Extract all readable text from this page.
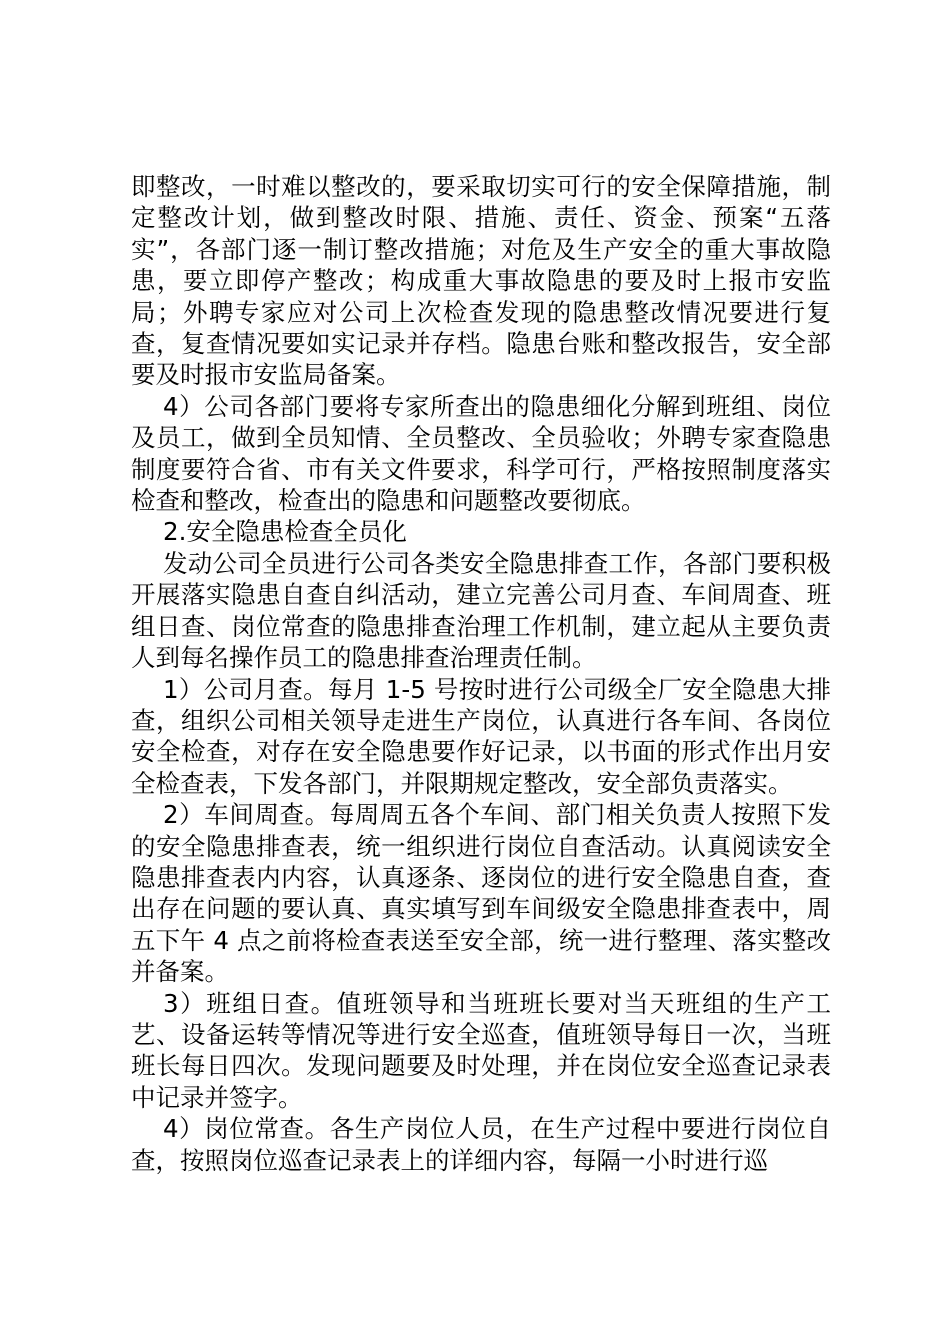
即整改，一时难以整改的，要采取切实可行的安全保障措施，制定整改计划，做到整改时限、措施、责任、资金、预案“五落实”，各部门逐一制订整改措施；对危及生产安全的重大事故隐患，要立即停产整改；构成重大事故隐患的要及时上报市安监局；外聘专家应对公司上次检查发现的隐患整改情况要进行复查，复查情况要如实记录并存档。隐患台账和整改报告，安全部要及时报市安监局备案。

4）公司各部门要将专家所查出的隐患细化分解到班组、岗位及员工，做到全员知情、全员整改、全员验收；外聘专家查隐患制度要符合省、市有关文件要求，科学可行，严格按照制度落实检查和整改，检查出的隐患和问题整改要彻底。

2.安全隐患检查全员化

发动公司全员进行公司各类安全隐患排查工作，各部门要积极开展落实隐患自查自纠活动，建立完善公司月查、车间周查、班组日查、岗位常查的隐患排查治理工作机制，建立起从主要负责人到每名操作员工的隐患排查治理责任制。

1）公司月查。每月 1-5 号按时进行公司级全厂安全隐患大排查，组织公司相关领导走进生产岗位，认真进行各车间、各岗位安全检查，对存在安全隐患要作好记录，以书面的形式作出月安全检查表，下发各部门，并限期规定整改，安全部负责落实。

2）车间周查。每周周五各个车间、部门相关负责人按照下发的安全隐患排查表，统一组织进行岗位自查活动。认真阅读安全隐患排查表内内容，认真逐条、逐岗位的进行安全隐患自查，查出存在问题的要认真、真实填写到车间级安全隐患排查表中，周五下午 4 点之前将检查表送至安全部，统一进行整理、落实整改并备案。

3）班组日查。值班领导和当班班长要对当天班组的生产工艺、设备运转等情况等进行安全巡查，值班领导每日一次，当班班长每日四次。发现问题要及时处理，并在岗位安全巡查记录表中记录并签字。

4）岗位常查。各生产岗位人员，在生产过程中要进行岗位自查，按照岗位巡查记录表上的详细内容，每隔一小时进行巡
